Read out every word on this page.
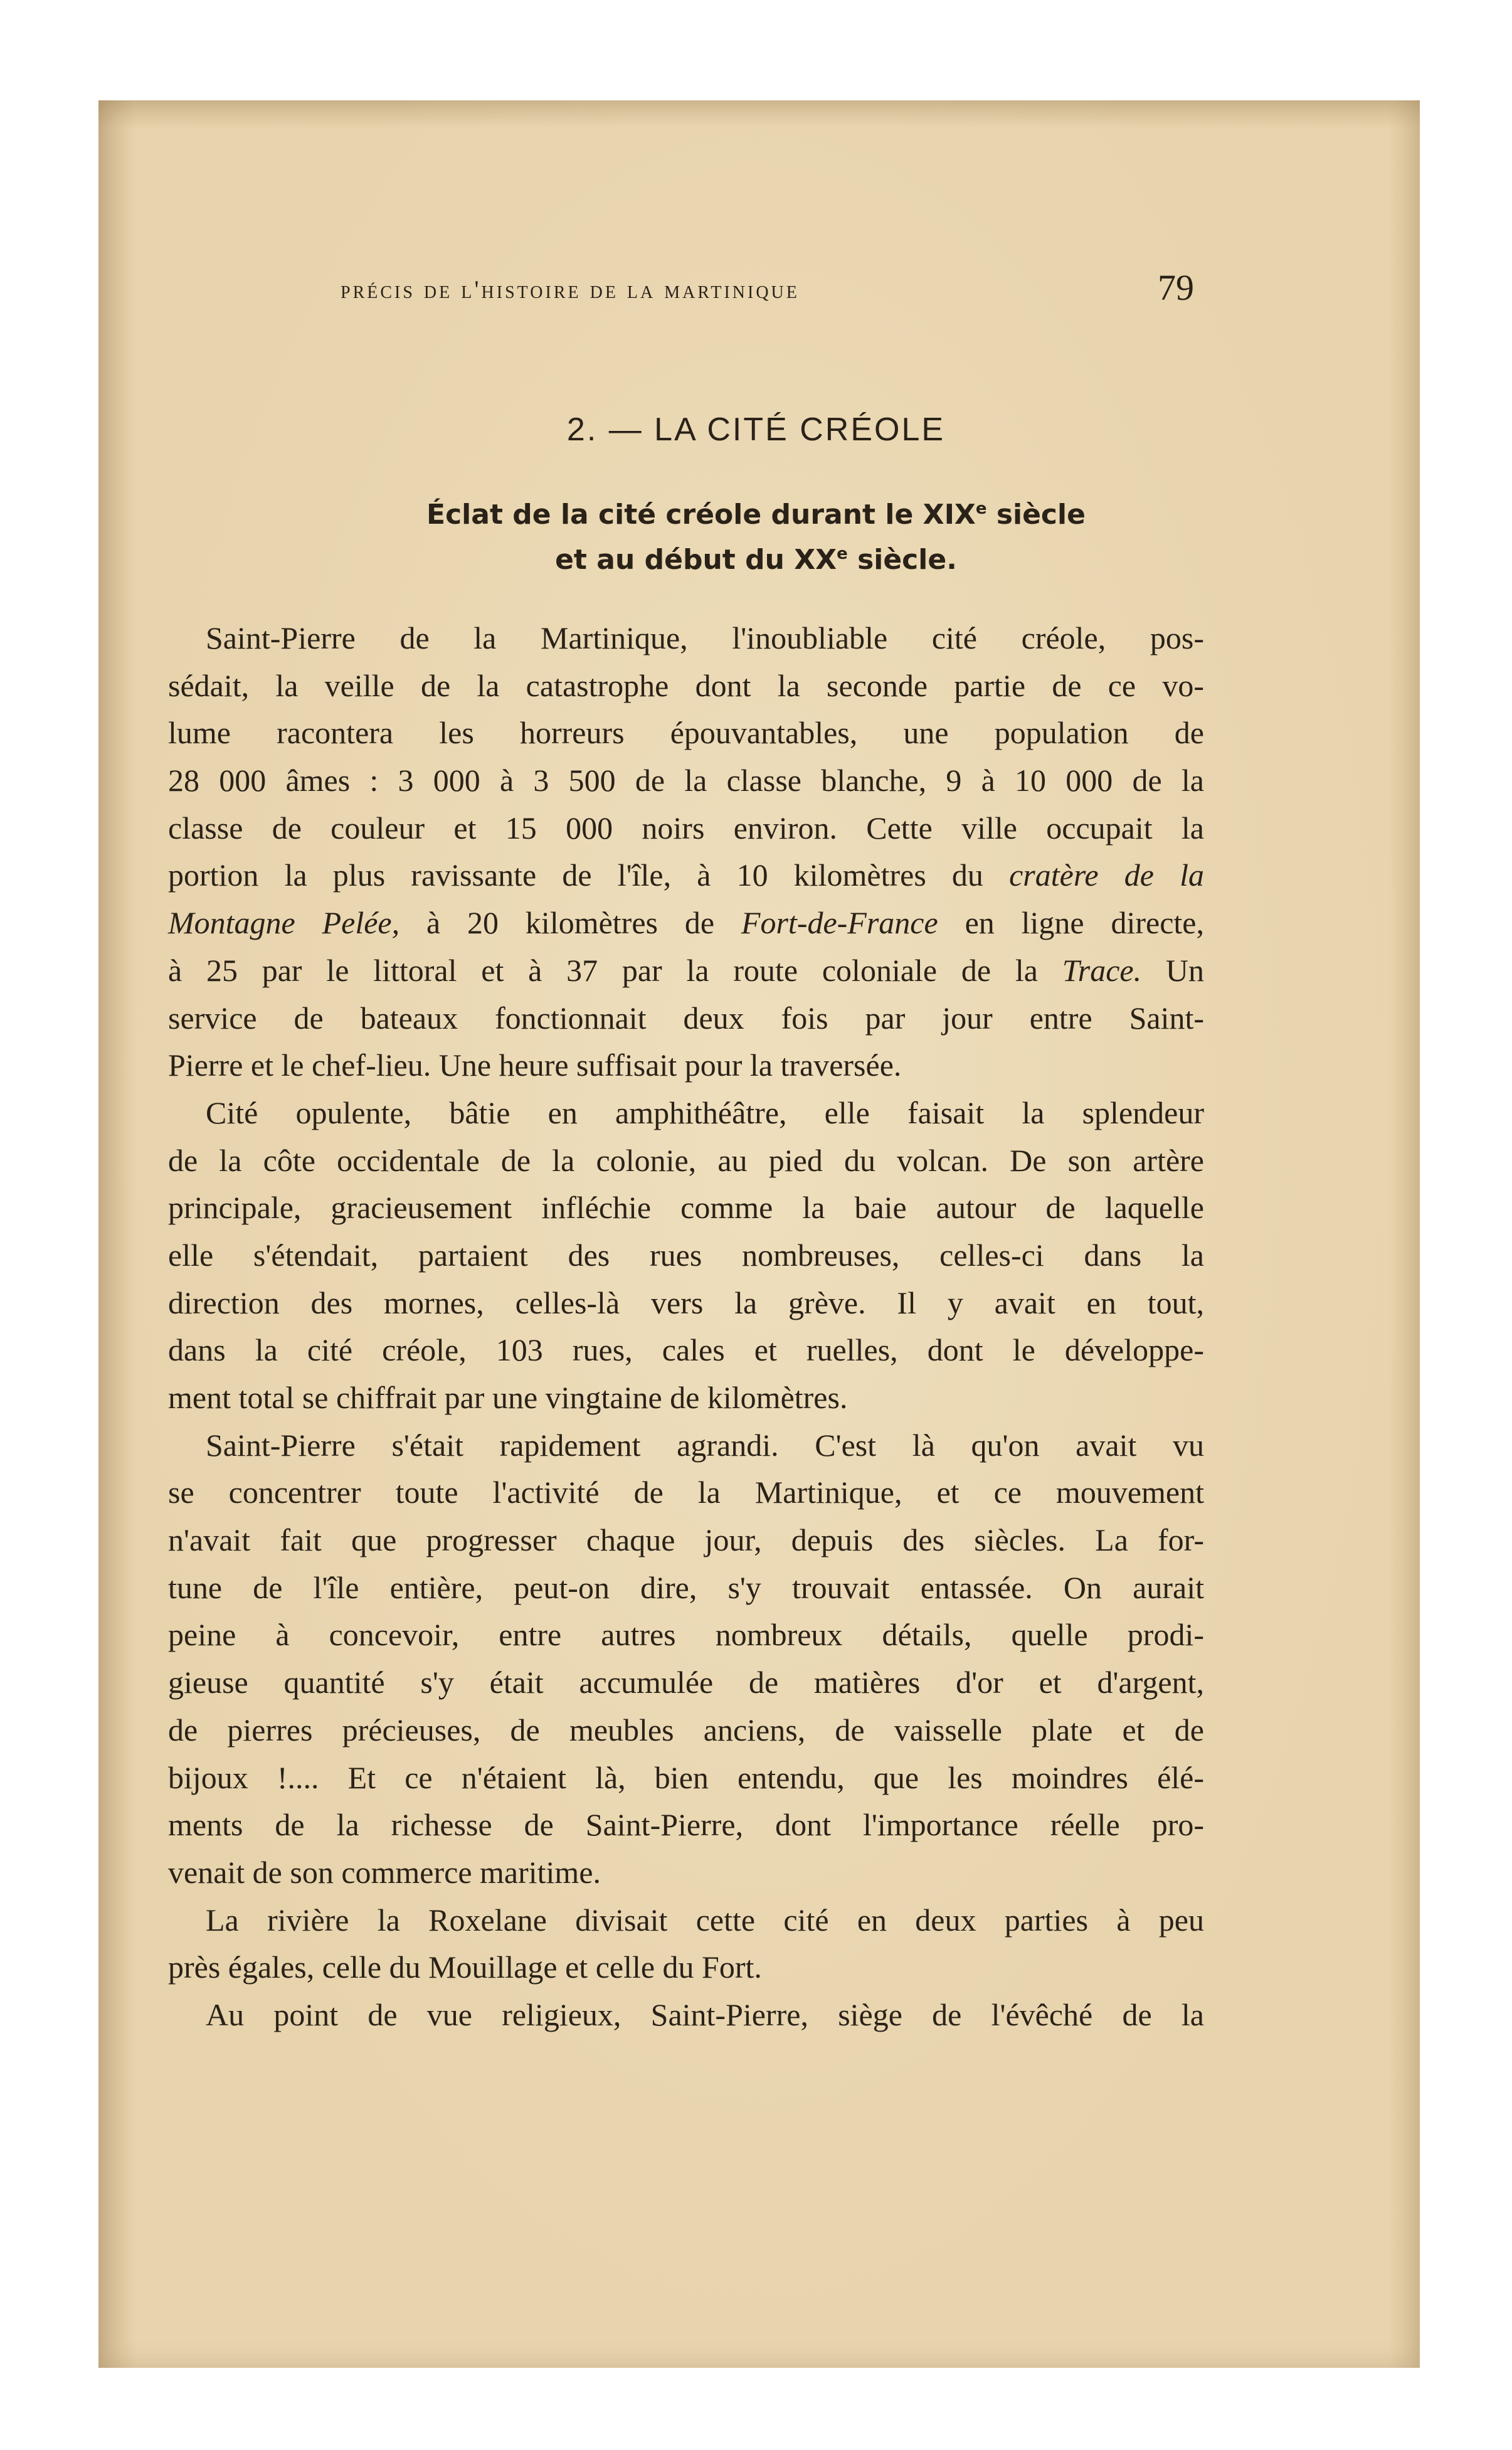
précis de l'histoire de la martinique	79
2. — LA CITÉ CRÉOLE
Éclat de la cité créole durant le XIXe siècle
et au début du XXe siècle.
Saint-Pierre de la Martinique, l'inoubliable cité créole, pos-
sédait, la veille de la catastrophe dont la seconde partie de ce vo-
lume racontera les horreurs épouvantables, une population de
28 000 âmes : 3 000 à 3 500 de la classe blanche, 9 à 10 000 de la
classe de couleur et 15 000 noirs environ. Cette ville occupait la
portion la plus ravissante de l'île, à 10 kilomètres du cratère de la
Montagne Pelée, à 20 kilomètres de Fort-de-France en ligne directe,
à 25 par le littoral et à 37 par la route coloniale de la Trace. Un
service de bateaux fonctionnait deux fois par jour entre Saint-
Pierre et le chef-lieu. Une heure suffisait pour la traversée.
Cité opulente, bâtie en amphithéâtre, elle faisait la splendeur
de la côte occidentale de la colonie, au pied du volcan. De son artère
principale, gracieusement infléchie comme la baie autour de laquelle
elle s'étendait, partaient des rues nombreuses, celles-ci dans la
direction des mornes, celles-là vers la grève. Il y avait en tout,
dans la cité créole, 103 rues, cales et ruelles, dont le développe-
ment total se chiffrait par une vingtaine de kilomètres.
Saint-Pierre s'était rapidement agrandi. C'est là qu'on avait vu
se concentrer toute l'activité de la Martinique, et ce mouvement
n'avait fait que progresser chaque jour, depuis des siècles. La for-
tune de l'île entière, peut-on dire, s'y trouvait entassée. On aurait
peine à concevoir, entre autres nombreux détails, quelle prodi-
gieuse quantité s'y était accumulée de matières d'or et d'argent,
de pierres précieuses, de meubles anciens, de vaisselle plate et de
bijoux !.... Et ce n'étaient là, bien entendu, que les moindres élé-
ments de la richesse de Saint-Pierre, dont l'importance réelle pro-
venait de son commerce maritime.
La rivière la Roxelane divisait cette cité en deux parties à peu
près égales, celle du Mouillage et celle du Fort.
Au point de vue religieux, Saint-Pierre, siège de l'évêché de la
